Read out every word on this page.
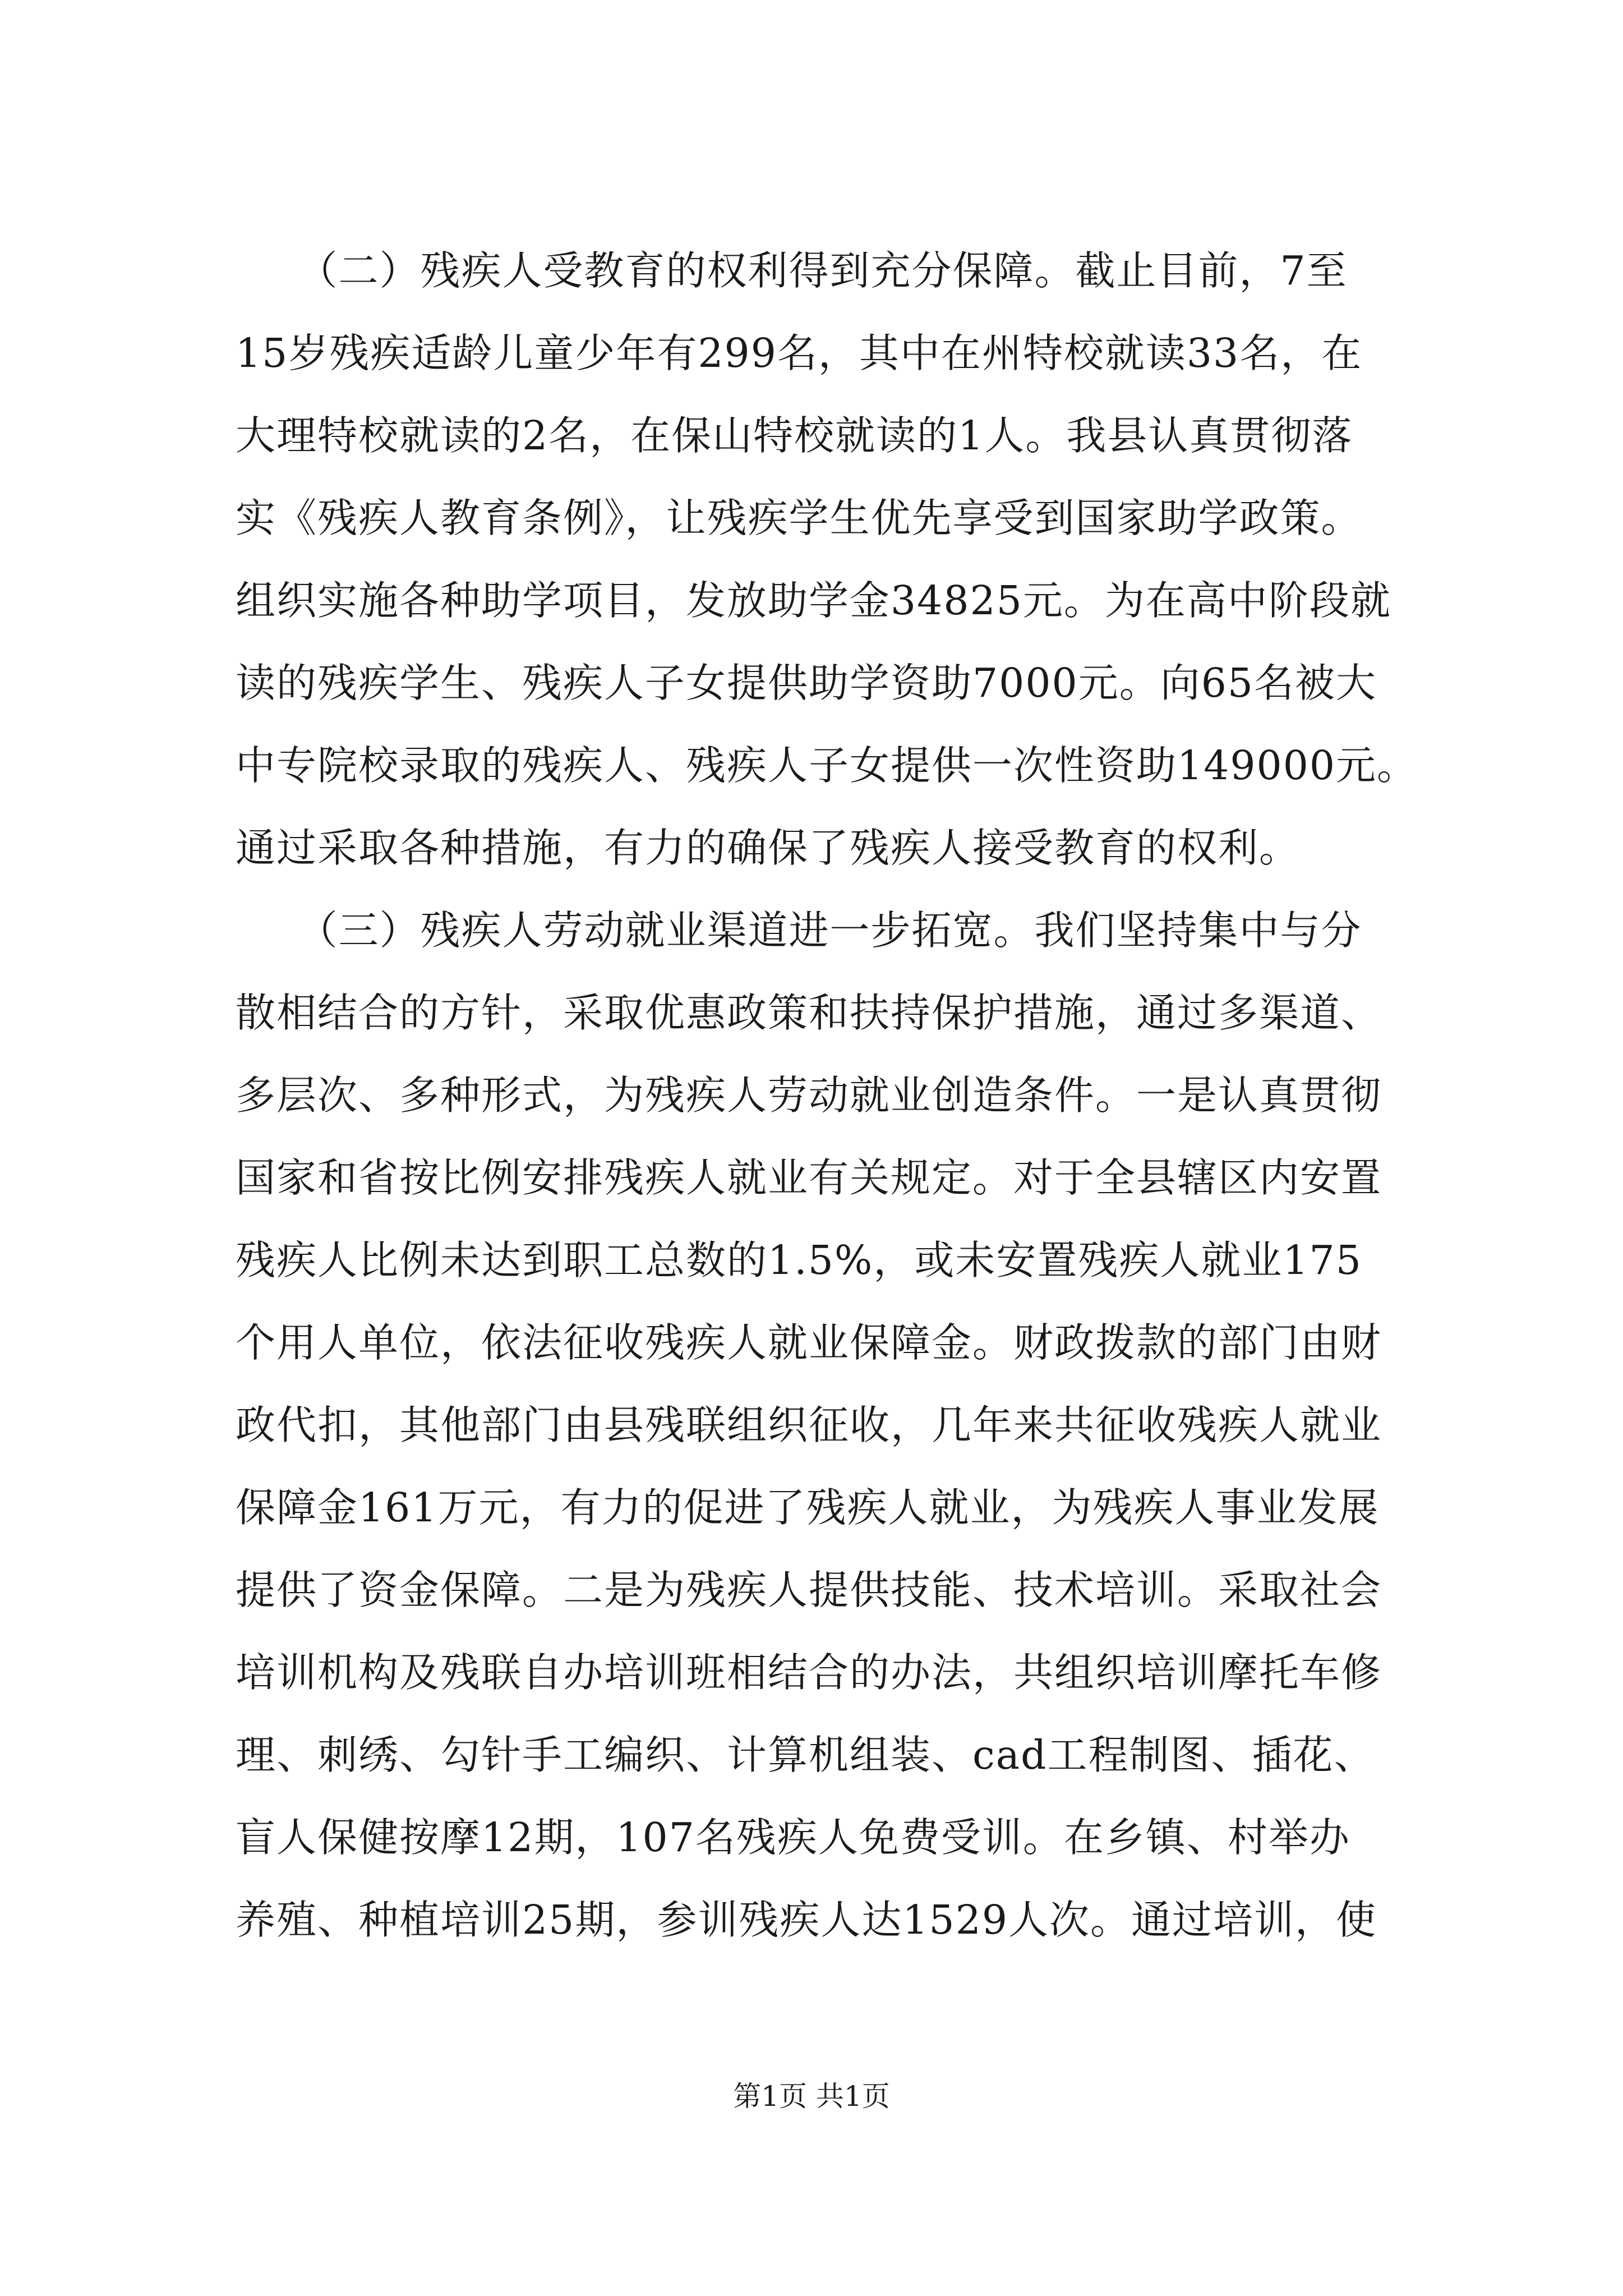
　　（二）残疾人受教育的权利得到充分保障。截止目前，7至
15岁残疾适龄儿童少年有299名，其中在州特校就读33名，在
大理特校就读的2名，在保山特校就读的1人。我县认真贯彻落
实《残疾人教育条例》，让残疾学生优先享受到国家助学政策。
组织实施各种助学项目，发放助学金34825元。为在高中阶段就
读的残疾学生、残疾人子女提供助学资助7000元。向65名被大
中专院校录取的残疾人、残疾人子女提供一次性资助149000元。
通过采取各种措施，有力的确保了残疾人接受教育的权利。
　　（三）残疾人劳动就业渠道进一步拓宽。我们坚持集中与分
散相结合的方针，采取优惠政策和扶持保护措施，通过多渠道、
多层次、多种形式，为残疾人劳动就业创造条件。一是认真贯彻
国家和省按比例安排残疾人就业有关规定。对于全县辖区内安置
残疾人比例未达到职工总数的1.5%，或未安置残疾人就业175
个用人单位，依法征收残疾人就业保障金。财政拨款的部门由财
政代扣，其他部门由县残联组织征收，几年来共征收残疾人就业
保障金161万元，有力的促进了残疾人就业，为残疾人事业发展
提供了资金保障。二是为残疾人提供技能、技术培训。采取社会
培训机构及残联自办培训班相结合的办法，共组织培训摩托车修
理、刺绣、勾针手工编织、计算机组装、cad工程制图、插花、
盲人保健按摩12期，107名残疾人免费受训。在乡镇、村举办
养殖、种植培训25期，参训残疾人达1529人次。通过培训，使
第1页 共1页
